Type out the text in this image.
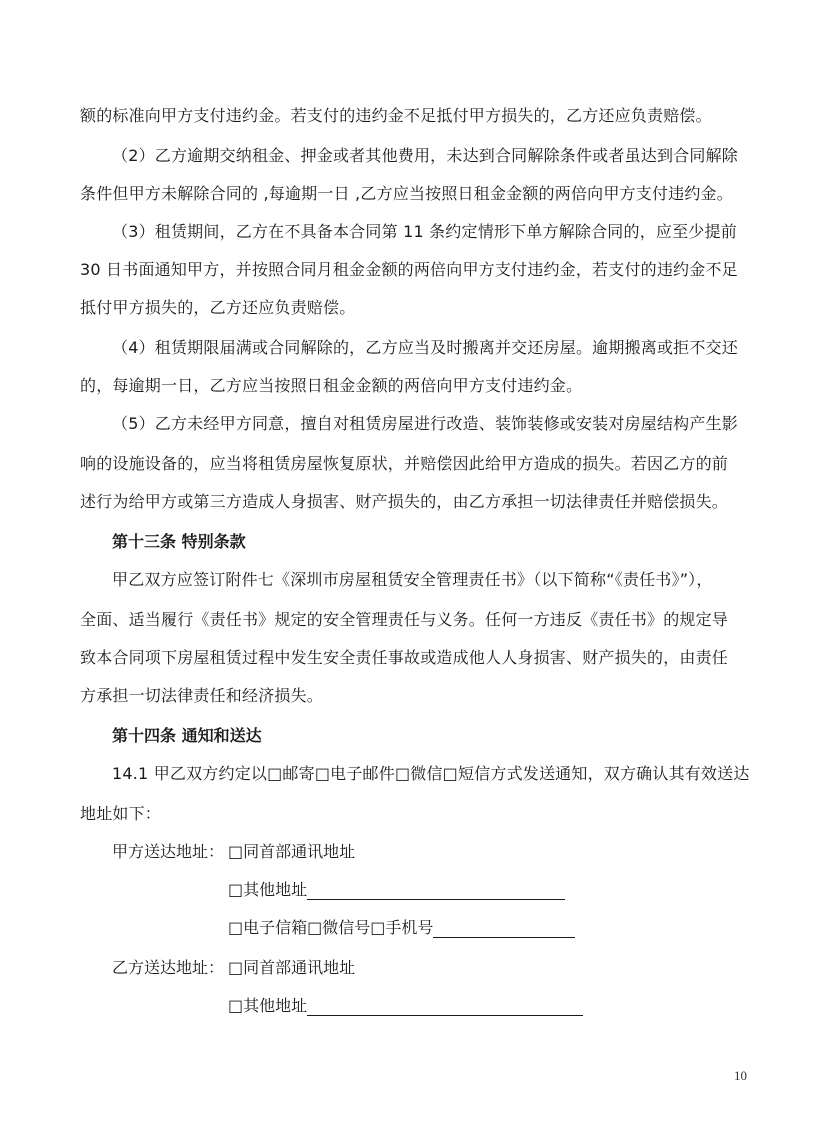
额的标准向甲方支付违约金。若支付的违约金不足抵付甲方损失的，乙方还应负责赔偿。
（2）乙方逾期交纳租金、押金或者其他费用，未达到合同解除条件或者虽达到合同解除
条件但甲方未解除合同的 ,每逾期一日 ,乙方应当按照日租金金额的两倍向甲方支付违约金。
（3）租赁期间，乙方在不具备本合同第 11 条约定情形下单方解除合同的，应至少提前
30 日书面通知甲方，并按照合同月租金金额的两倍向甲方支付违约金，若支付的违约金不足
抵付甲方损失的，乙方还应负责赔偿。
（4）租赁期限届满或合同解除的，乙方应当及时搬离并交还房屋。逾期搬离或拒不交还
的，每逾期一日，乙方应当按照日租金金额的两倍向甲方支付违约金。
（5）乙方未经甲方同意，擅自对租赁房屋进行改造、装饰装修或安装对房屋结构产生影
响的设施设备的，应当将租赁房屋恢复原状，并赔偿因此给甲方造成的损失。若因乙方的前
述行为给甲方或第三方造成人身损害、财产损失的，由乙方承担一切法律责任并赔偿损失。
第十三条 特别条款
甲乙双方应签订附件七《深圳市房屋租赁安全管理责任书》（以下简称“《责任书》”），
全面、适当履行《责任书》规定的安全管理责任与义务。任何一方违反《责任书》的规定导
致本合同项下房屋租赁过程中发生安全责任事故或造成他人人身损害、财产损失的，由责任
方承担一切法律责任和经济损失。
第十四条 通知和送达
14.1 甲乙双方约定以□邮寄□电子邮件□微信□短信方式发送通知，双方确认其有效送达
地址如下：
甲方送达地址： □同首部通讯地址
□其他地址
□电子信箱□微信号□手机号
乙方送达地址： □同首部通讯地址
□其他地址
10
